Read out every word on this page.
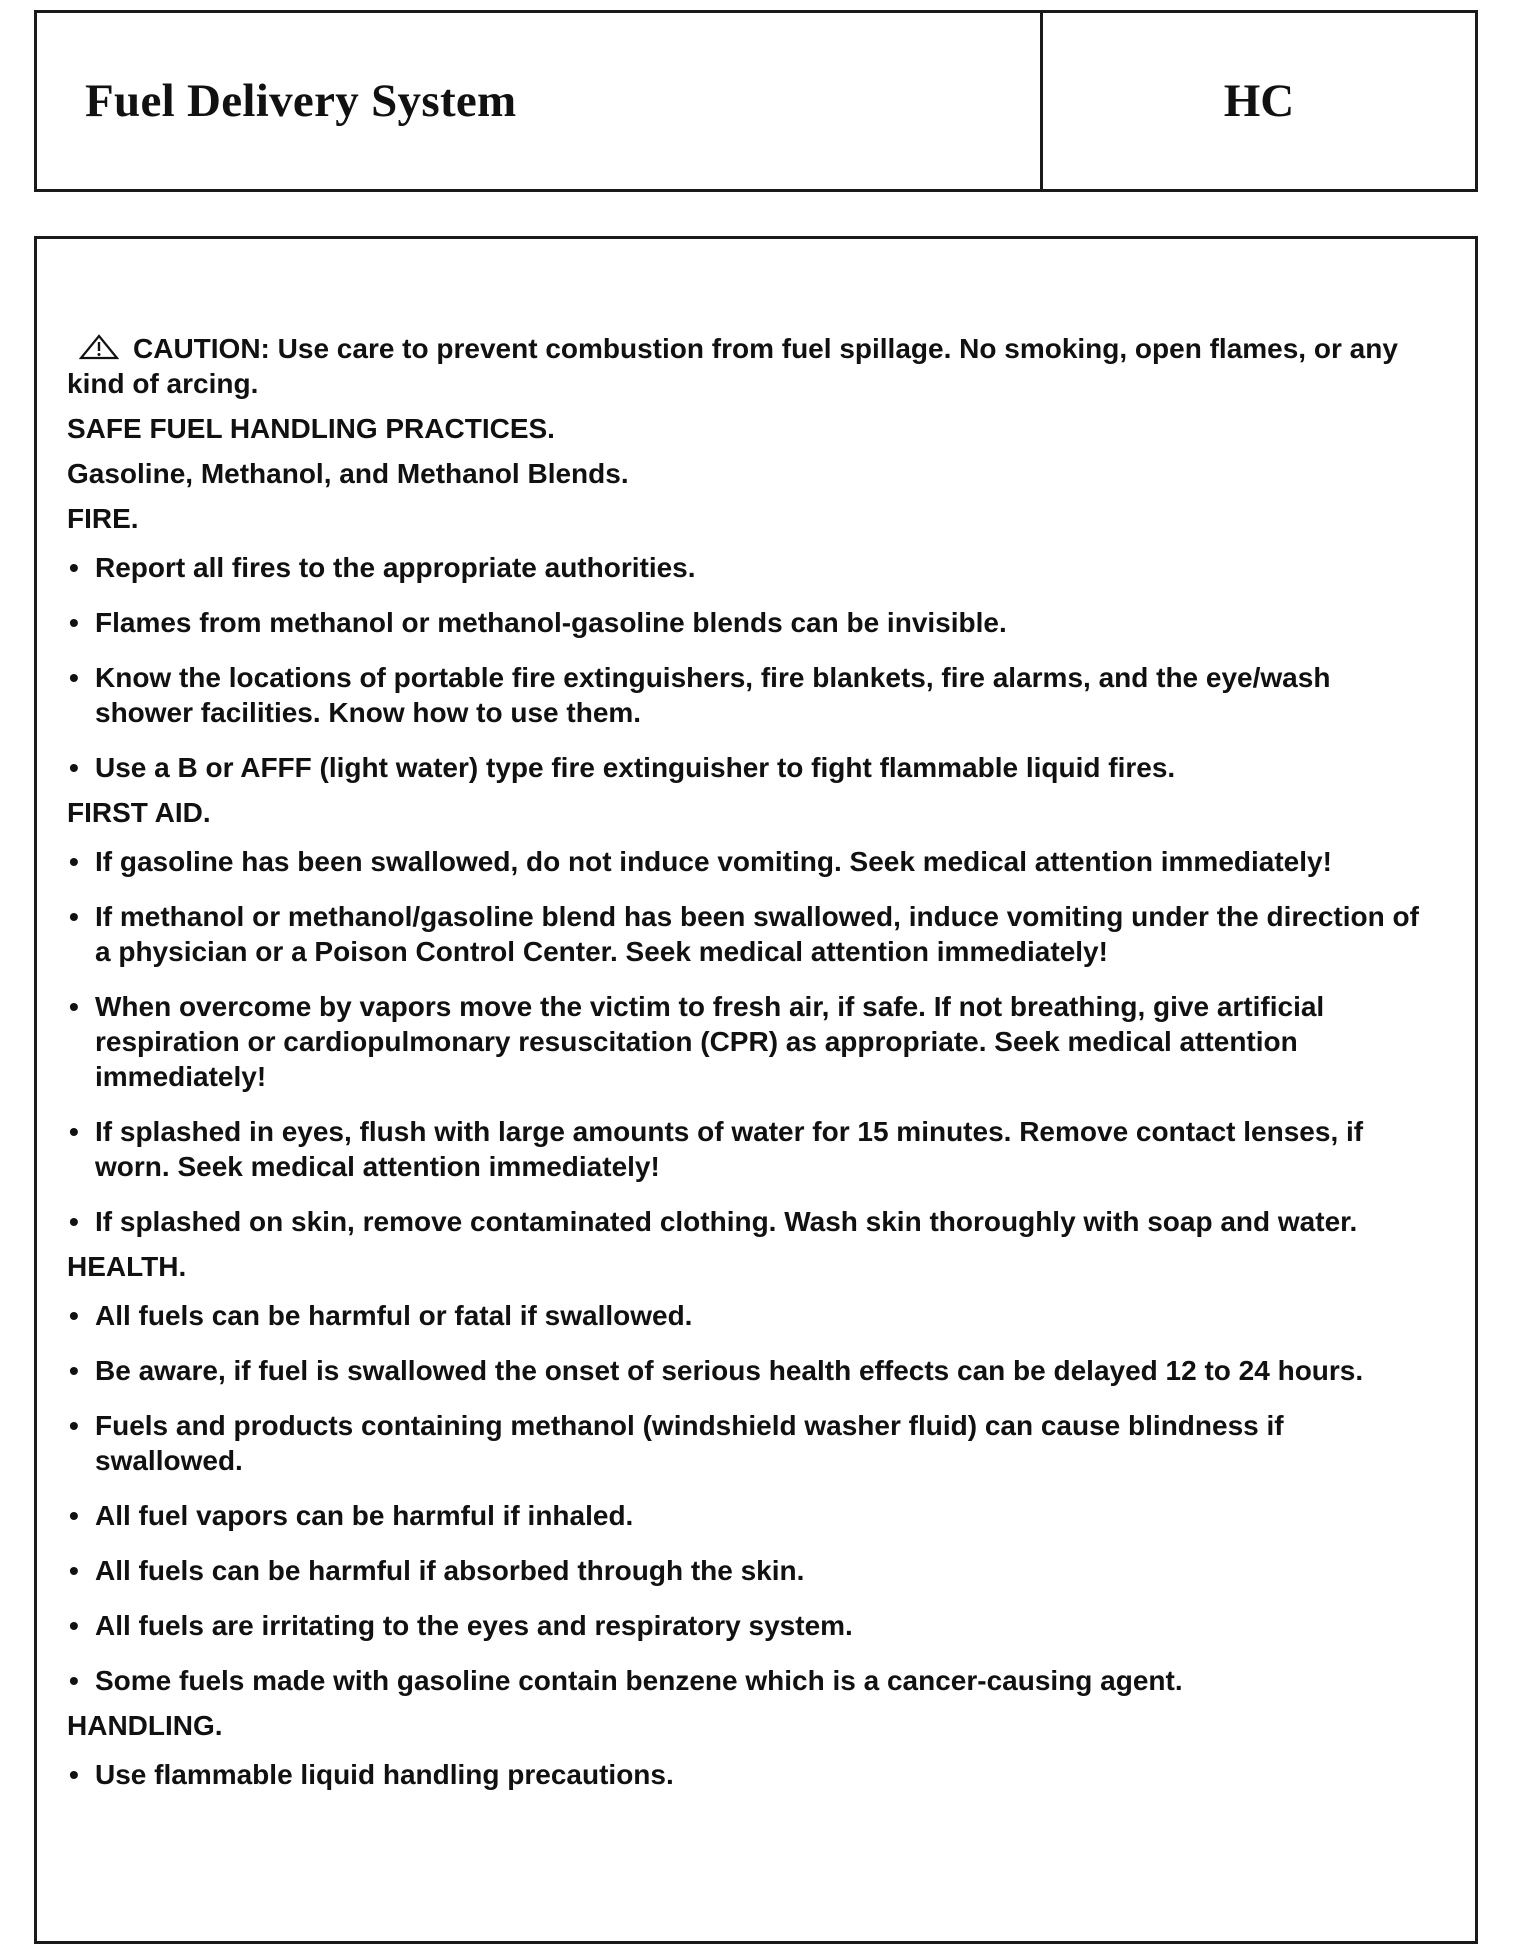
Fuel Delivery System	HC
CAUTION: Use care to prevent combustion from fuel spillage. No smoking, open flames, or any kind of arcing.
SAFE FUEL HANDLING PRACTICES.
Gasoline, Methanol, and Methanol Blends.
FIRE.
• Report all fires to the appropriate authorities.
• Flames from methanol or methanol-gasoline blends can be invisible.
• Know the locations of portable fire extinguishers, fire blankets, fire alarms, and the eye/wash shower facilities. Know how to use them.
• Use a B or AFFF (light water) type fire extinguisher to fight flammable liquid fires.
FIRST AID.
• If gasoline has been swallowed, do not induce vomiting. Seek medical attention immediately!
• If methanol or methanol/gasoline blend has been swallowed, induce vomiting under the direction of a physician or a Poison Control Center. Seek medical attention immediately!
• When overcome by vapors move the victim to fresh air, if safe. If not breathing, give artificial respiration or cardiopulmonary resuscitation (CPR) as appropriate. Seek medical attention immediately!
• If splashed in eyes, flush with large amounts of water for 15 minutes. Remove contact lenses, if worn. Seek medical attention immediately!
• If splashed on skin, remove contaminated clothing. Wash skin thoroughly with soap and water.
HEALTH.
• All fuels can be harmful or fatal if swallowed.
• Be aware, if fuel is swallowed the onset of serious health effects can be delayed 12 to 24 hours.
• Fuels and products containing methanol (windshield washer fluid) can cause blindness if swallowed.
• All fuel vapors can be harmful if inhaled.
• All fuels can be harmful if absorbed through the skin.
• All fuels are irritating to the eyes and respiratory system.
• Some fuels made with gasoline contain benzene which is a cancer-causing agent.
HANDLING.
• Use flammable liquid handling precautions.
